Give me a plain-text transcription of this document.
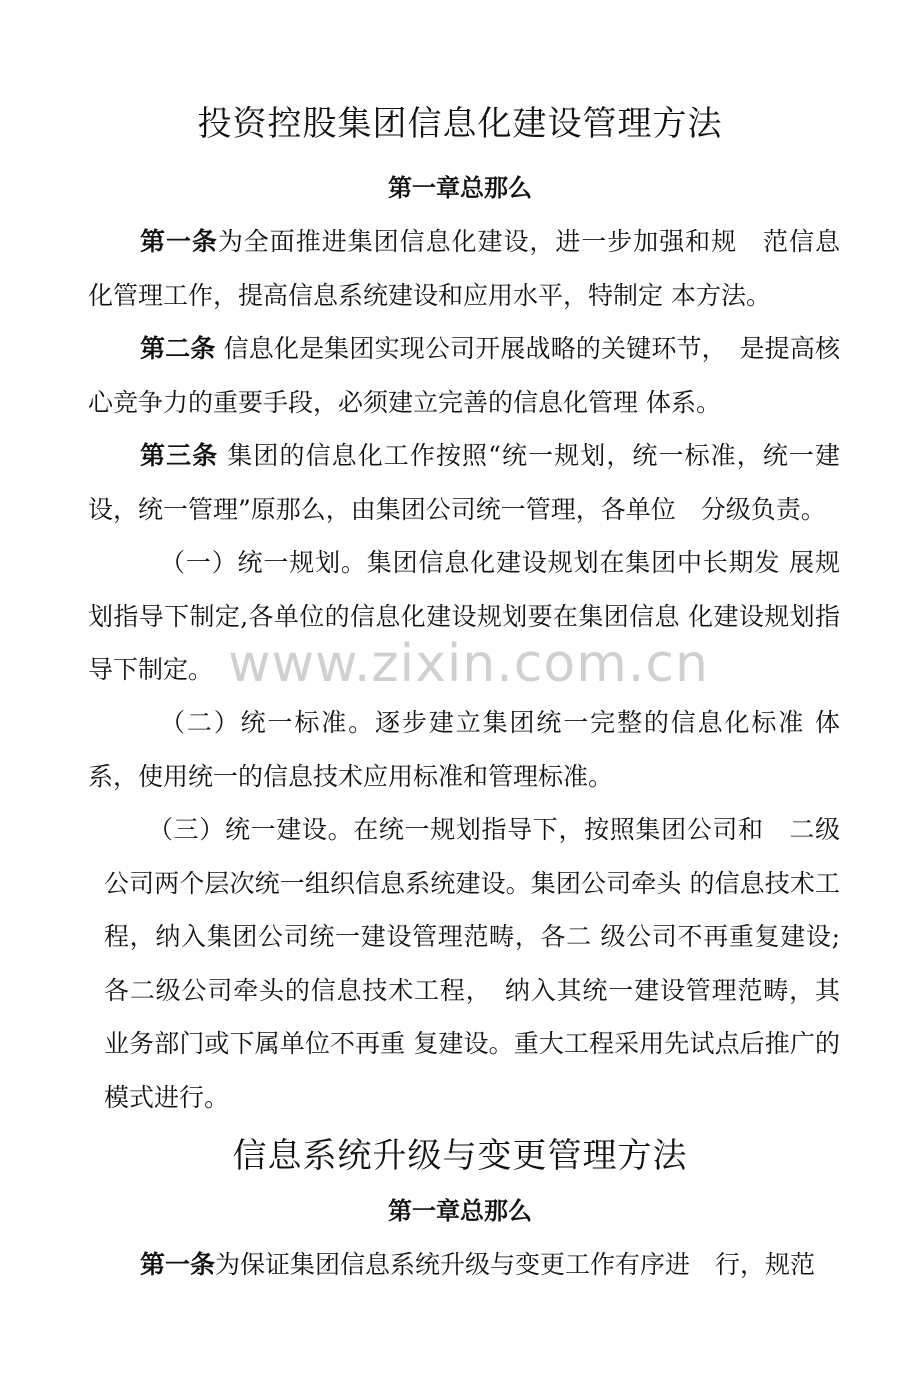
投资控股集团信息化建设管理方法
第一章总那么

第一条为全面推进集团信息化建设，进一步加强和规　范信息化管理工作，提高信息系统建设和应用水平，特制定 本方法。

第二条 信息化是集团实现公司开展战略的关键环节，　是提高核心竞争力的重要手段，必须建立完善的信息化管理 体系。

第三条 集团的信息化工作按照“统一规划，统一标准，统一建设，统一管理”原那么，由集团公司统一管理，各单位　分级负责。

（一）统一规划。集团信息化建设规划在集团中长期发 展规划指导下制定,各单位的信息化建设规划要在集团信息 化建设规划指导下制定。

（二）统一标准。逐步建立集团统一完整的信息化标准 体系，使用统一的信息技术应用标准和管理标准。

（三）统一建设。在统一规划指导下，按照集团公司和　二级公司两个层次统一组织信息系统建设。集团公司牵头 的信息技术工程，纳入集团公司统一建设管理范畴，各二 级公司不再重复建设; 各二级公司牵头的信息技术工程，　纳入其统一建设管理范畴，其业务部门或下属单位不再重 复建设。重大工程采用先试点后推广的模式进行。

信息系统升级与变更管理方法
第一章总那么

第一条为保证集团信息系统升级与变更工作有序进　行，规范

www.zixin.com.cn
